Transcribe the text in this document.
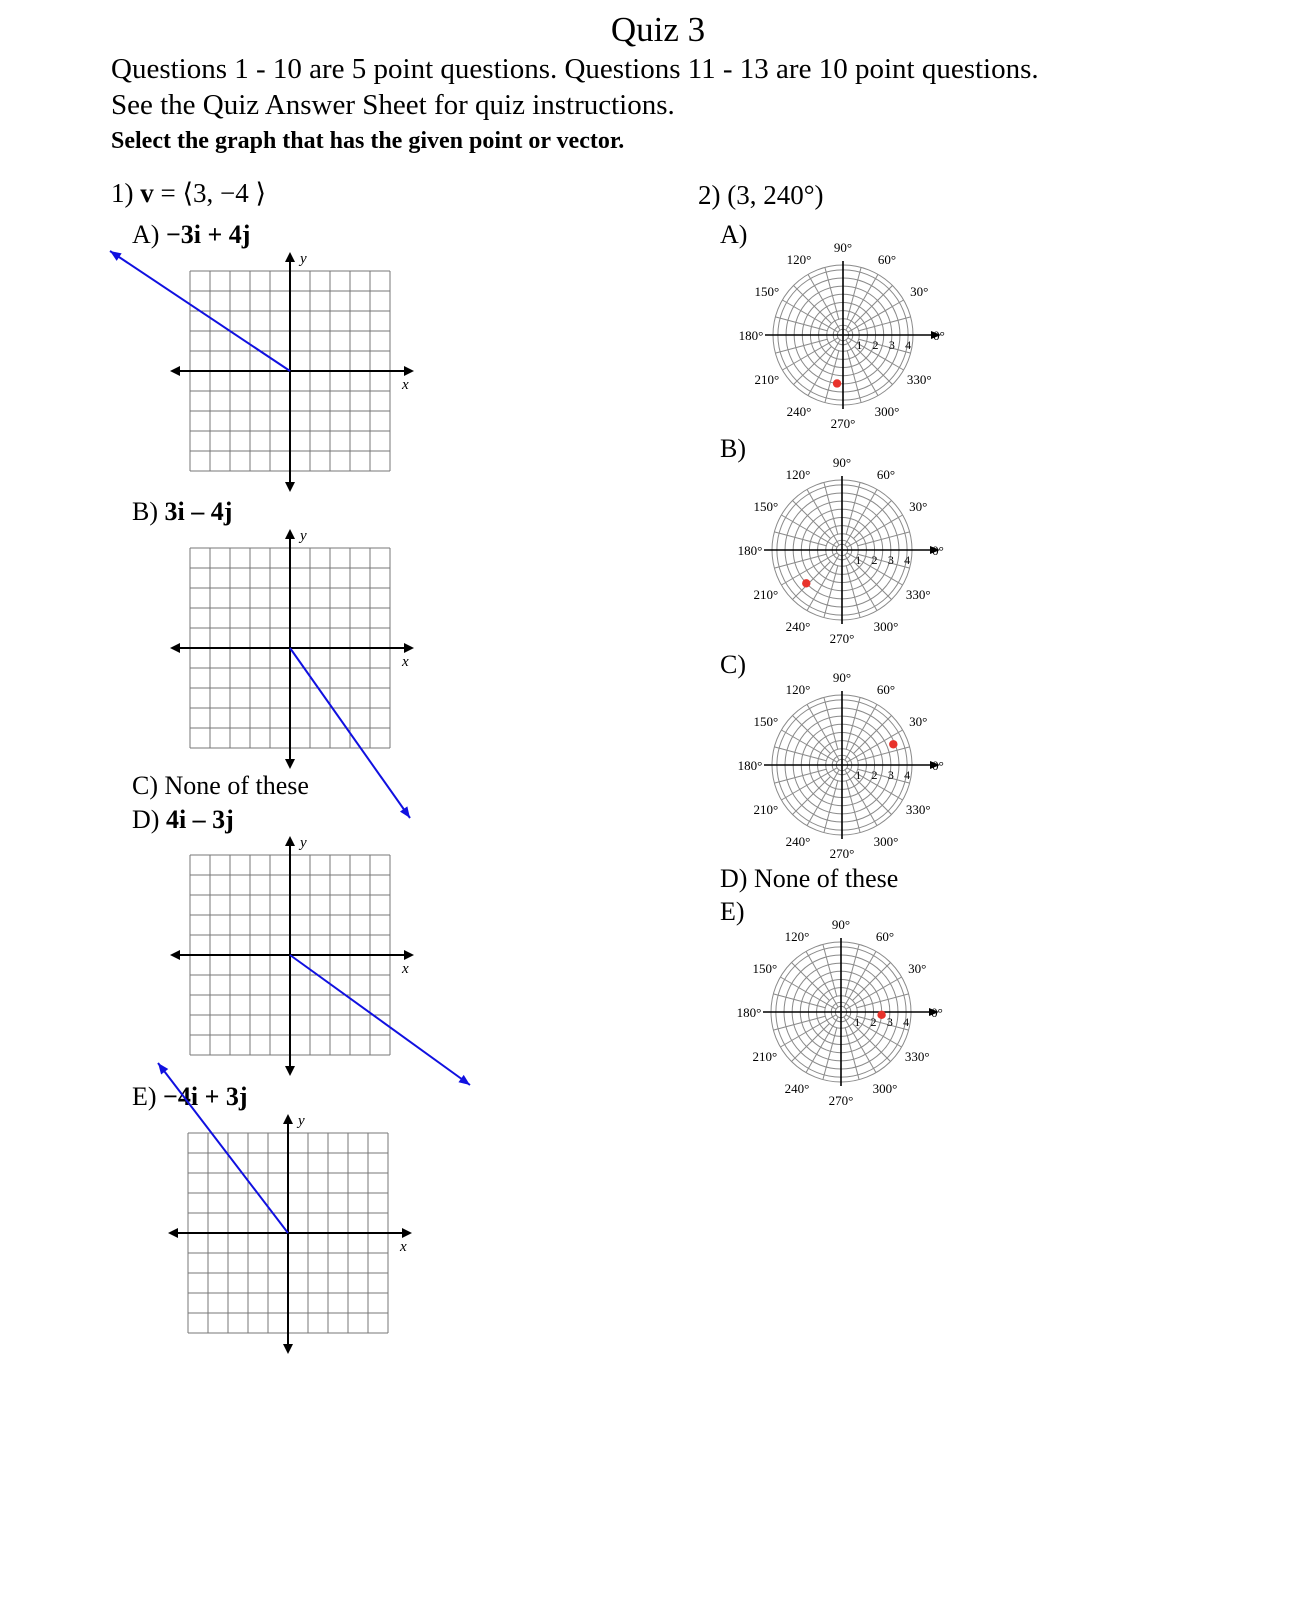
Quiz 3
Questions 1 - 10 are 5 point questions. Questions 11 - 13 are 10 point questions.
See the Quiz Answer Sheet for quiz instructions.
Select the graph that has the given point or vector.
1) v = ⟨3, −4 ⟩
A) −3i + 4j
x
y
B) 3i – 4j
x
y
C) None of these
D) 4i – 3j
x
y
E) −4i + 3j
x
y
2) (3, 240°)
A)
1 2 3 4
0°
30°
60°
90°
120°
150°
180°
210°
240°
270°
300°
330°
B)
1 2 3 4
0°
30°
60°
90°
120°
150°
180°
210°
240°
270°
300°
330°
C)
1 2 3 4
0°
30°
60°
90°
120°
150°
180°
210°
240°
270°
300°
330°
D) None of these
E)
1 2 3 4
0°
30°
60°
90°
120°
150°
180°
210°
240°
270°
300°
330°
